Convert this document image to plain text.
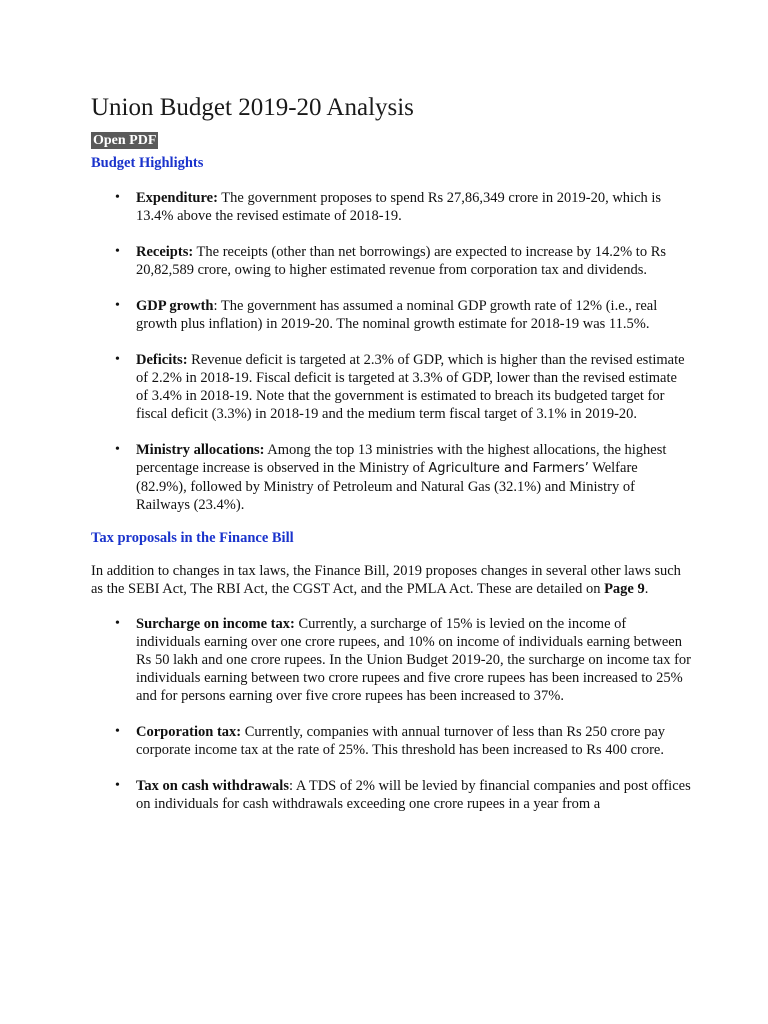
Union Budget 2019-20 Analysis
Open PDF
Budget Highlights
• Expenditure: The government proposes to spend Rs 27,86,349 crore in 2019-20, which is 13.4% above the revised estimate of 2018-19.
• Receipts: The receipts (other than net borrowings) are expected to increase by 14.2% to Rs 20,82,589 crore, owing to higher estimated revenue from corporation tax and dividends.
• GDP growth: The government has assumed a nominal GDP growth rate of 12% (i.e., real growth plus inflation) in 2019-20. The nominal growth estimate for 2018-19 was 11.5%.
• Deficits: Revenue deficit is targeted at 2.3% of GDP, which is higher than the revised estimate of 2.2% in 2018-19. Fiscal deficit is targeted at 3.3% of GDP, lower than the revised estimate of 3.4% in 2018-19. Note that the government is estimated to breach its budgeted target for fiscal deficit (3.3%) in 2018-19 and the medium term fiscal target of 3.1% in 2019-20.
• Ministry allocations: Among the top 13 ministries with the highest allocations, the highest percentage increase is observed in the Ministry of Agriculture and Farmers’ Welfare (82.9%), followed by Ministry of Petroleum and Natural Gas (32.1%) and Ministry of Railways (23.4%).
Tax proposals in the Finance Bill

In addition to changes in tax laws, the Finance Bill, 2019 proposes changes in several other laws such as the SEBI Act, The RBI Act, the CGST Act, and the PMLA Act. These are detailed on Page 9.

• Surcharge on income tax: Currently, a surcharge of 15% is levied on the income of individuals earning over one crore rupees, and 10% on income of individuals earning between Rs 50 lakh and one crore rupees. In the Union Budget 2019-20, the surcharge on income tax for individuals earning between two crore rupees and five crore rupees has been increased to 25% and for persons earning over five crore rupees has been increased to 37%.
• Corporation tax: Currently, companies with annual turnover of less than Rs 250 crore pay corporate income tax at the rate of 25%. This threshold has been increased to Rs 400 crore.
• Tax on cash withdrawals: A TDS of 2% will be levied by financial companies and post offices on individuals for cash withdrawals exceeding one crore rupees in a year from a
